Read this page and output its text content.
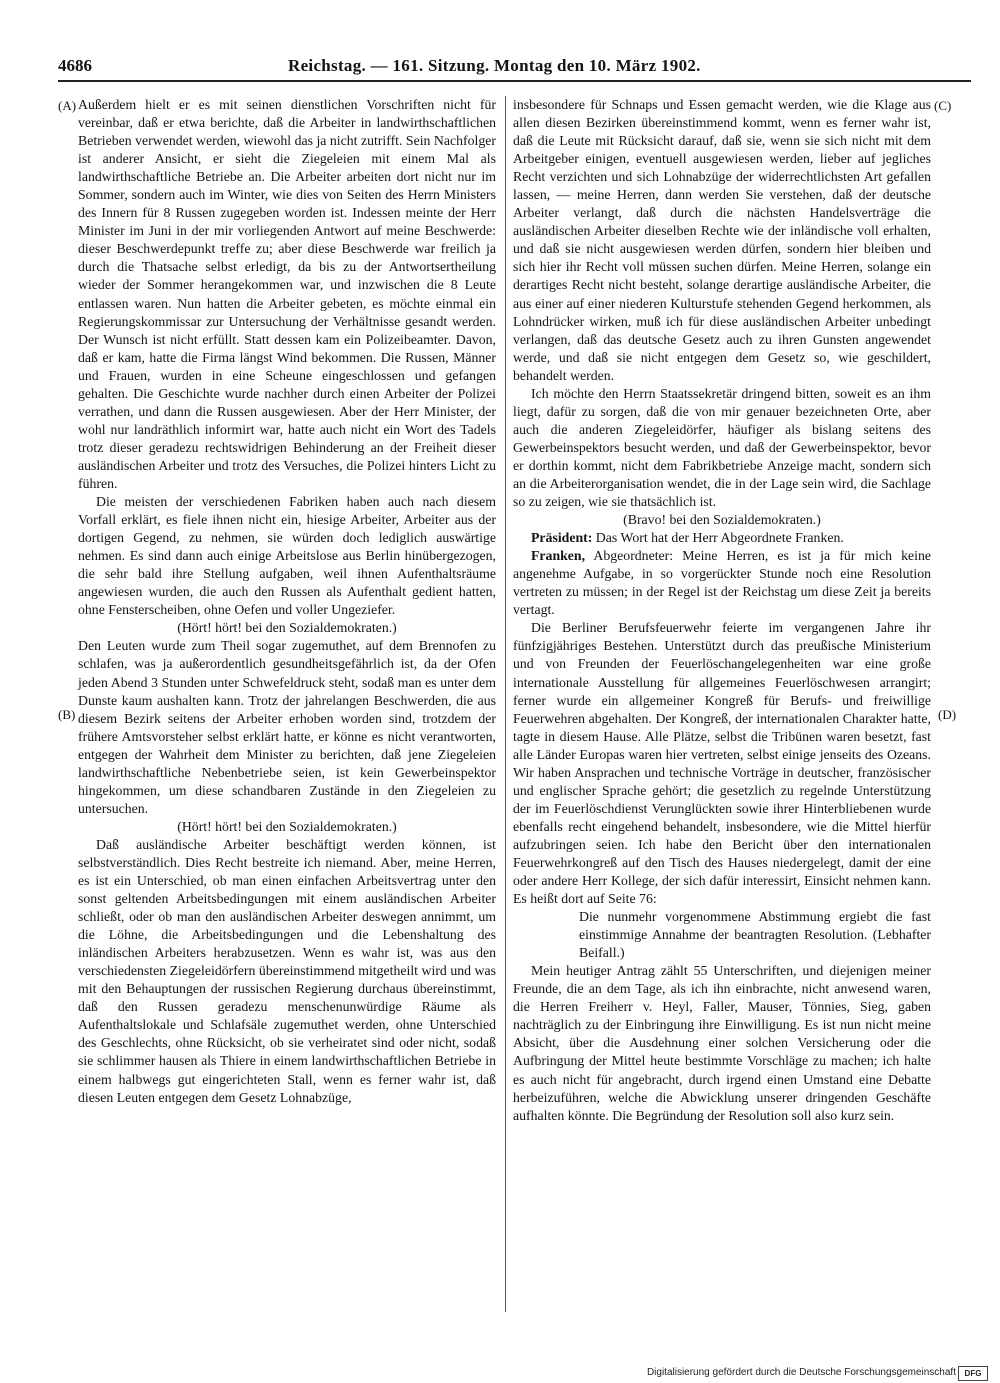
4686	Reichstag. — 161. Sitzung. Montag den 10. März 1902.
(A)
(B)
(C)
(D)

Außerdem hielt er es mit seinen dienstlichen Vorschriften nicht für vereinbar, daß er etwa berichte, daß die Arbeiter in landwirthschaftlichen Betrieben verwendet werden, wiewohl das ja nicht zutrifft. Sein Nachfolger ist anderer Ansicht, er sieht die Ziegeleien mit einem Mal als landwirthschaftliche Betriebe an. Die Arbeiter arbeiten dort nicht nur im Sommer, sondern auch im Winter, wie dies von Seiten des Herrn Ministers des Innern für 8 Russen zugegeben worden ist. Indessen meinte der Herr Minister im Juni in der mir vorliegenden Antwort auf meine Beschwerde: dieser Beschwerdepunkt treffe zu; aber diese Beschwerde war freilich ja durch die Thatsache selbst erledigt, da bis zu der Antwortsertheilung wieder der Sommer herangekommen war, und inzwischen die 8 Leute entlassen waren. Nun hatten die Arbeiter gebeten, es möchte einmal ein Regierungskommissar zur Untersuchung der Verhältnisse gesandt werden. Der Wunsch ist nicht erfüllt. Statt dessen kam ein Polizeibeamter. Davon, daß er kam, hatte die Firma längst Wind bekommen. Die Russen, Männer und Frauen, wurden in eine Scheune eingeschlossen und gefangen gehalten. Die Geschichte wurde nachher durch einen Arbeiter der Polizei verrathen, und dann die Russen ausgewiesen. Aber der Herr Minister, der wohl nur landräthlich informirt war, hatte auch nicht ein Wort des Tadels trotz dieser geradezu rechtswidrigen Behinderung an der Freiheit dieser ausländischen Arbeiter und trotz des Versuches, die Polizei hinters Licht zu führen.

Die meisten der verschiedenen Fabriken haben auch nach diesem Vorfall erklärt, es fiele ihnen nicht ein, hiesige Arbeiter, Arbeiter aus der dortigen Gegend, zu nehmen, sie würden doch lediglich auswärtige nehmen. Es sind dann auch einige Arbeitslose aus Berlin hinübergezogen, die sehr bald ihre Stellung aufgaben, weil ihnen Aufenthaltsräume angewiesen wurden, die auch den Russen als Aufenthalt gedient hatten, ohne Fensterscheiben, ohne Oefen und voller Ungeziefer.

(Hört! hört! bei den Sozialdemokraten.)

Den Leuten wurde zum Theil sogar zugemuthet, auf dem Brennofen zu schlafen, was ja außerordentlich gesundheitsgefährlich ist, da der Ofen jeden Abend 3 Stunden unter Schwefeldruck steht, sodaß man es unter dem Dunste kaum aushalten kann. Trotz der jahrelangen Beschwerden, die aus diesem Bezirk seitens der Arbeiter erhoben worden sind, trotzdem der frühere Amtsvorsteher selbst erklärt hatte, er könne es nicht verantworten, entgegen der Wahrheit dem Minister zu berichten, daß jene Ziegeleien landwirthschaftliche Nebenbetriebe seien, ist kein Gewerbeinspektor hingekommen, um diese schandbaren Zustände in den Ziegeleien zu untersuchen.

(Hört! hört! bei den Sozialdemokraten.)

Daß ausländische Arbeiter beschäftigt werden können, ist selbstverständlich. Dies Recht bestreite ich niemand. Aber, meine Herren, es ist ein Unterschied, ob man einen einfachen Arbeitsvertrag unter den sonst geltenden Arbeitsbedingungen mit einem ausländischen Arbeiter schließt, oder ob man den ausländischen Arbeiter deswegen annimmt, um die Löhne, die Arbeitsbedingungen und die Lebenshaltung des inländischen Arbeiters herabzusetzen. Wenn es wahr ist, was aus den verschiedensten Ziegeleidörfern übereinstimmend mitgetheilt wird und was mit den Behauptungen der russischen Regierung durchaus übereinstimmt, daß den Russen geradezu menschenunwürdige Räume als Aufenthaltslokale und Schlafsäle zugemuthet werden, ohne Unterschied des Geschlechts, ohne Rücksicht, ob sie verheiratet sind oder nicht, sodaß sie schlimmer hausen als Thiere in einem landwirthschaftlichen Betriebe in einem halbwegs gut eingerichteten Stall, wenn es ferner wahr ist, daß diesen Leuten entgegen dem Gesetz Lohnabzüge,

insbesondere für Schnaps und Essen gemacht werden, wie die Klage aus allen diesen Bezirken übereinstimmend kommt, wenn es ferner wahr ist, daß die Leute mit Rücksicht darauf, daß sie, wenn sie sich nicht mit dem Arbeitgeber einigen, eventuell ausgewiesen werden, lieber auf jegliches Recht verzichten und sich Lohnabzüge der widerrechtlichsten Art gefallen lassen, — meine Herren, dann werden Sie verstehen, daß der deutsche Arbeiter verlangt, daß durch die nächsten Handelsverträge die ausländischen Arbeiter dieselben Rechte wie der inländische voll erhalten, und daß sie nicht ausgewiesen werden dürfen, sondern hier bleiben und sich hier ihr Recht voll müssen suchen dürfen. Meine Herren, solange ein derartiges Recht nicht besteht, solange derartige ausländische Arbeiter, die aus einer auf einer niederen Kulturstufe stehenden Gegend herkommen, als Lohndrücker wirken, muß ich für diese ausländischen Arbeiter unbedingt verlangen, daß das deutsche Gesetz auch zu ihren Gunsten angewendet werde, und daß sie nicht entgegen dem Gesetz so, wie geschildert, behandelt werden.

Ich möchte den Herrn Staatssekretär dringend bitten, soweit es an ihm liegt, dafür zu sorgen, daß die von mir genauer bezeichneten Orte, aber auch die anderen Ziegeleidörfer, häufiger als bislang seitens des Gewerbeinspektors besucht werden, und daß der Gewerbeinspektor, bevor er dorthin kommt, nicht dem Fabrikbetriebe Anzeige macht, sondern sich an die Arbeiterorganisation wendet, die in der Lage sein wird, die Sachlage so zu zeigen, wie sie thatsächlich ist.

(Bravo! bei den Sozialdemokraten.)

Präsident: Das Wort hat der Herr Abgeordnete Franken.

Franken, Abgeordneter: Meine Herren, es ist ja für mich keine angenehme Aufgabe, in so vorgerückter Stunde noch eine Resolution vertreten zu müssen; in der Regel ist der Reichstag um diese Zeit ja bereits vertagt.

Die Berliner Berufsfeuerwehr feierte im vergangenen Jahre ihr fünfzigjähriges Bestehen. Unterstützt durch das preußische Ministerium und von Freunden der Feuerlöschangelegenheiten war eine große internationale Ausstellung für allgemeines Feuerlöschwesen arrangirt; ferner wurde ein allgemeiner Kongreß für Berufs- und freiwillige Feuerwehren abgehalten. Der Kongreß, der internationalen Charakter hatte, tagte in diesem Hause. Alle Plätze, selbst die Tribünen waren besetzt, fast alle Länder Europas waren hier vertreten, selbst einige jenseits des Ozeans. Wir haben Ansprachen und technische Vorträge in deutscher, französischer und englischer Sprache gehört; die gesetzlich zu regelnde Unterstützung der im Feuerlöschdienst Verunglückten sowie ihrer Hinterbliebenen wurde ebenfalls recht eingehend behandelt, insbesondere, wie die Mittel hierfür aufzubringen seien. Ich habe den Bericht über den internationalen Feuerwehrkongreß auf den Tisch des Hauses niedergelegt, damit der eine oder andere Herr Kollege, der sich dafür interessirt, Einsicht nehmen kann. Es heißt dort auf Seite 76:

Die nunmehr vorgenommene Abstimmung ergiebt die fast einstimmige Annahme der beantragten Resolution. (Lebhafter Beifall.)

Mein heutiger Antrag zählt 55 Unterschriften, und diejenigen meiner Freunde, die an dem Tage, als ich ihn einbrachte, nicht anwesend waren, die Herren Freiherr v. Heyl, Faller, Mauser, Tönnies, Sieg, gaben nachträglich zu der Einbringung ihre Einwilligung. Es ist nun nicht meine Absicht, über die Ausdehnung einer solchen Versicherung oder die Aufbringung der Mittel heute bestimmte Vorschläge zu machen; ich halte es auch nicht für angebracht, durch irgend einen Umstand eine Debatte herbeizuführen, welche die Abwicklung unserer dringenden Geschäfte aufhalten könnte. Die Begründung der Resolution soll also kurz sein.

Digitalisierung gefördert durch die Deutsche Forschungsgemeinschaft	DFG
